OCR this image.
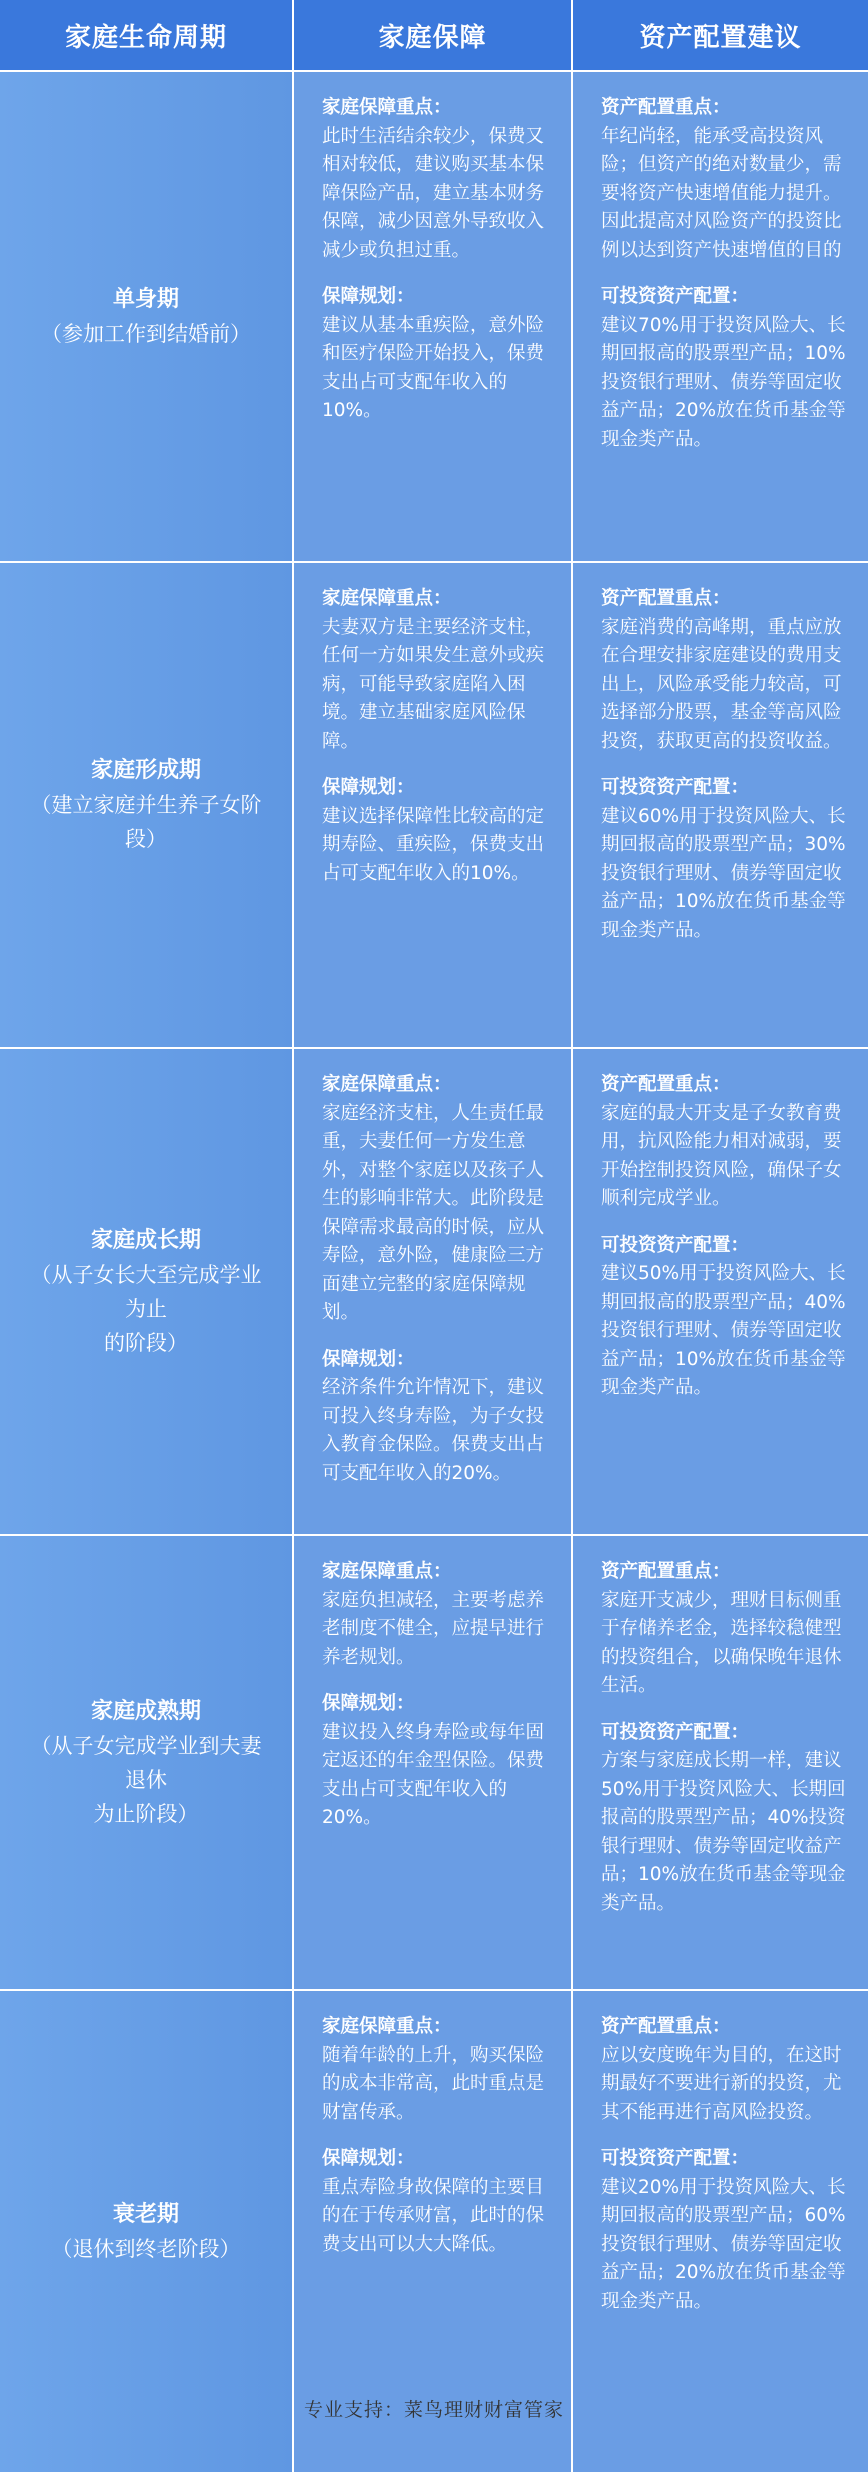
家庭生命周期	家庭保障	资产配置建议
单身期
（参加工作到结婚前）
家庭保障重点：
此时生活结余较少，保费又相对较低，建议购买基本保障保险产品，建立基本财务保障，减少因意外导致收入减少或负担过重。
保障规划：
建议从基本重疾险，意外险和医疗保险开始投入，保费支出占可支配年收入的10%。
资产配置重点：
年纪尚轻，能承受高投资风险；但资产的绝对数量少，需要将资产快速增值能力提升。因此提高对风险资产的投资比例以达到资产快速增值的目的
可投资资产配置：
建议70%用于投资风险大、长期回报高的股票型产品；10%投资银行理财、债券等固定收益产品；20%放在货币基金等现金类产品。
家庭形成期
（建立家庭并生养子女阶
段）
家庭保障重点：
夫妻双方是主要经济支柱，任何一方如果发生意外或疾病，可能导致家庭陷入困境。建立基础家庭风险保障。
保障规划：
建议选择保障性比较高的定期寿险、重疾险，保费支出占可支配年收入的10%。
资产配置重点：
家庭消费的高峰期，重点应放在合理安排家庭建设的费用支出上，风险承受能力较高，可选择部分股票，基金等高风险投资，获取更高的投资收益。
可投资资产配置：
建议60%用于投资风险大、长期回报高的股票型产品；30%投资银行理财、债券等固定收益产品；10%放在货币基金等现金类产品。
家庭成长期
（从子女长大至完成学业
为止
的阶段）
家庭保障重点：
家庭经济支柱，人生责任最重，夫妻任何一方发生意外，对整个家庭以及孩子人生的影响非常大。此阶段是保障需求最高的时候，应从寿险，意外险，健康险三方面建立完整的家庭保障规划。
保障规划：
经济条件允许情况下，建议可投入终身寿险，为子女投入教育金保险。保费支出占可支配年收入的20%。
资产配置重点：
家庭的最大开支是子女教育费用，抗风险能力相对减弱，要开始控制投资风险，确保子女顺利完成学业。
可投资资产配置：
建议50%用于投资风险大、长期回报高的股票型产品；40%投资银行理财、债券等固定收益产品；10%放在货币基金等现金类产品。
家庭成熟期
（从子女完成学业到夫妻
退休
为止阶段）
家庭保障重点：
家庭负担减轻，主要考虑养老制度不健全，应提早进行养老规划。
保障规划：
建议投入终身寿险或每年固定返还的年金型保险。保费支出占可支配年收入的20%。
资产配置重点：
家庭开支减少，理财目标侧重于存储养老金，选择较稳健型的投资组合，以确保晚年退休生活。
可投资资产配置：
方案与家庭成长期一样，建议50%用于投资风险大、长期回报高的股票型产品；40%投资银行理财、债券等固定收益产品；10%放在货币基金等现金类产品。
衰老期
（退休到终老阶段）
家庭保障重点：
随着年龄的上升，购买保险的成本非常高，此时重点是财富传承。
保障规划：
重点寿险身故保障的主要目的在于传承财富，此时的保费支出可以大大降低。
资产配置重点：
应以安度晚年为目的，在这时期最好不要进行新的投资，尤其不能再进行高风险投资。
可投资资产配置：
建议20%用于投资风险大、长期回报高的股票型产品；60%投资银行理财、债券等固定收益产品；20%放在货币基金等现金类产品。
专业支持：菜鸟理财财富管家
